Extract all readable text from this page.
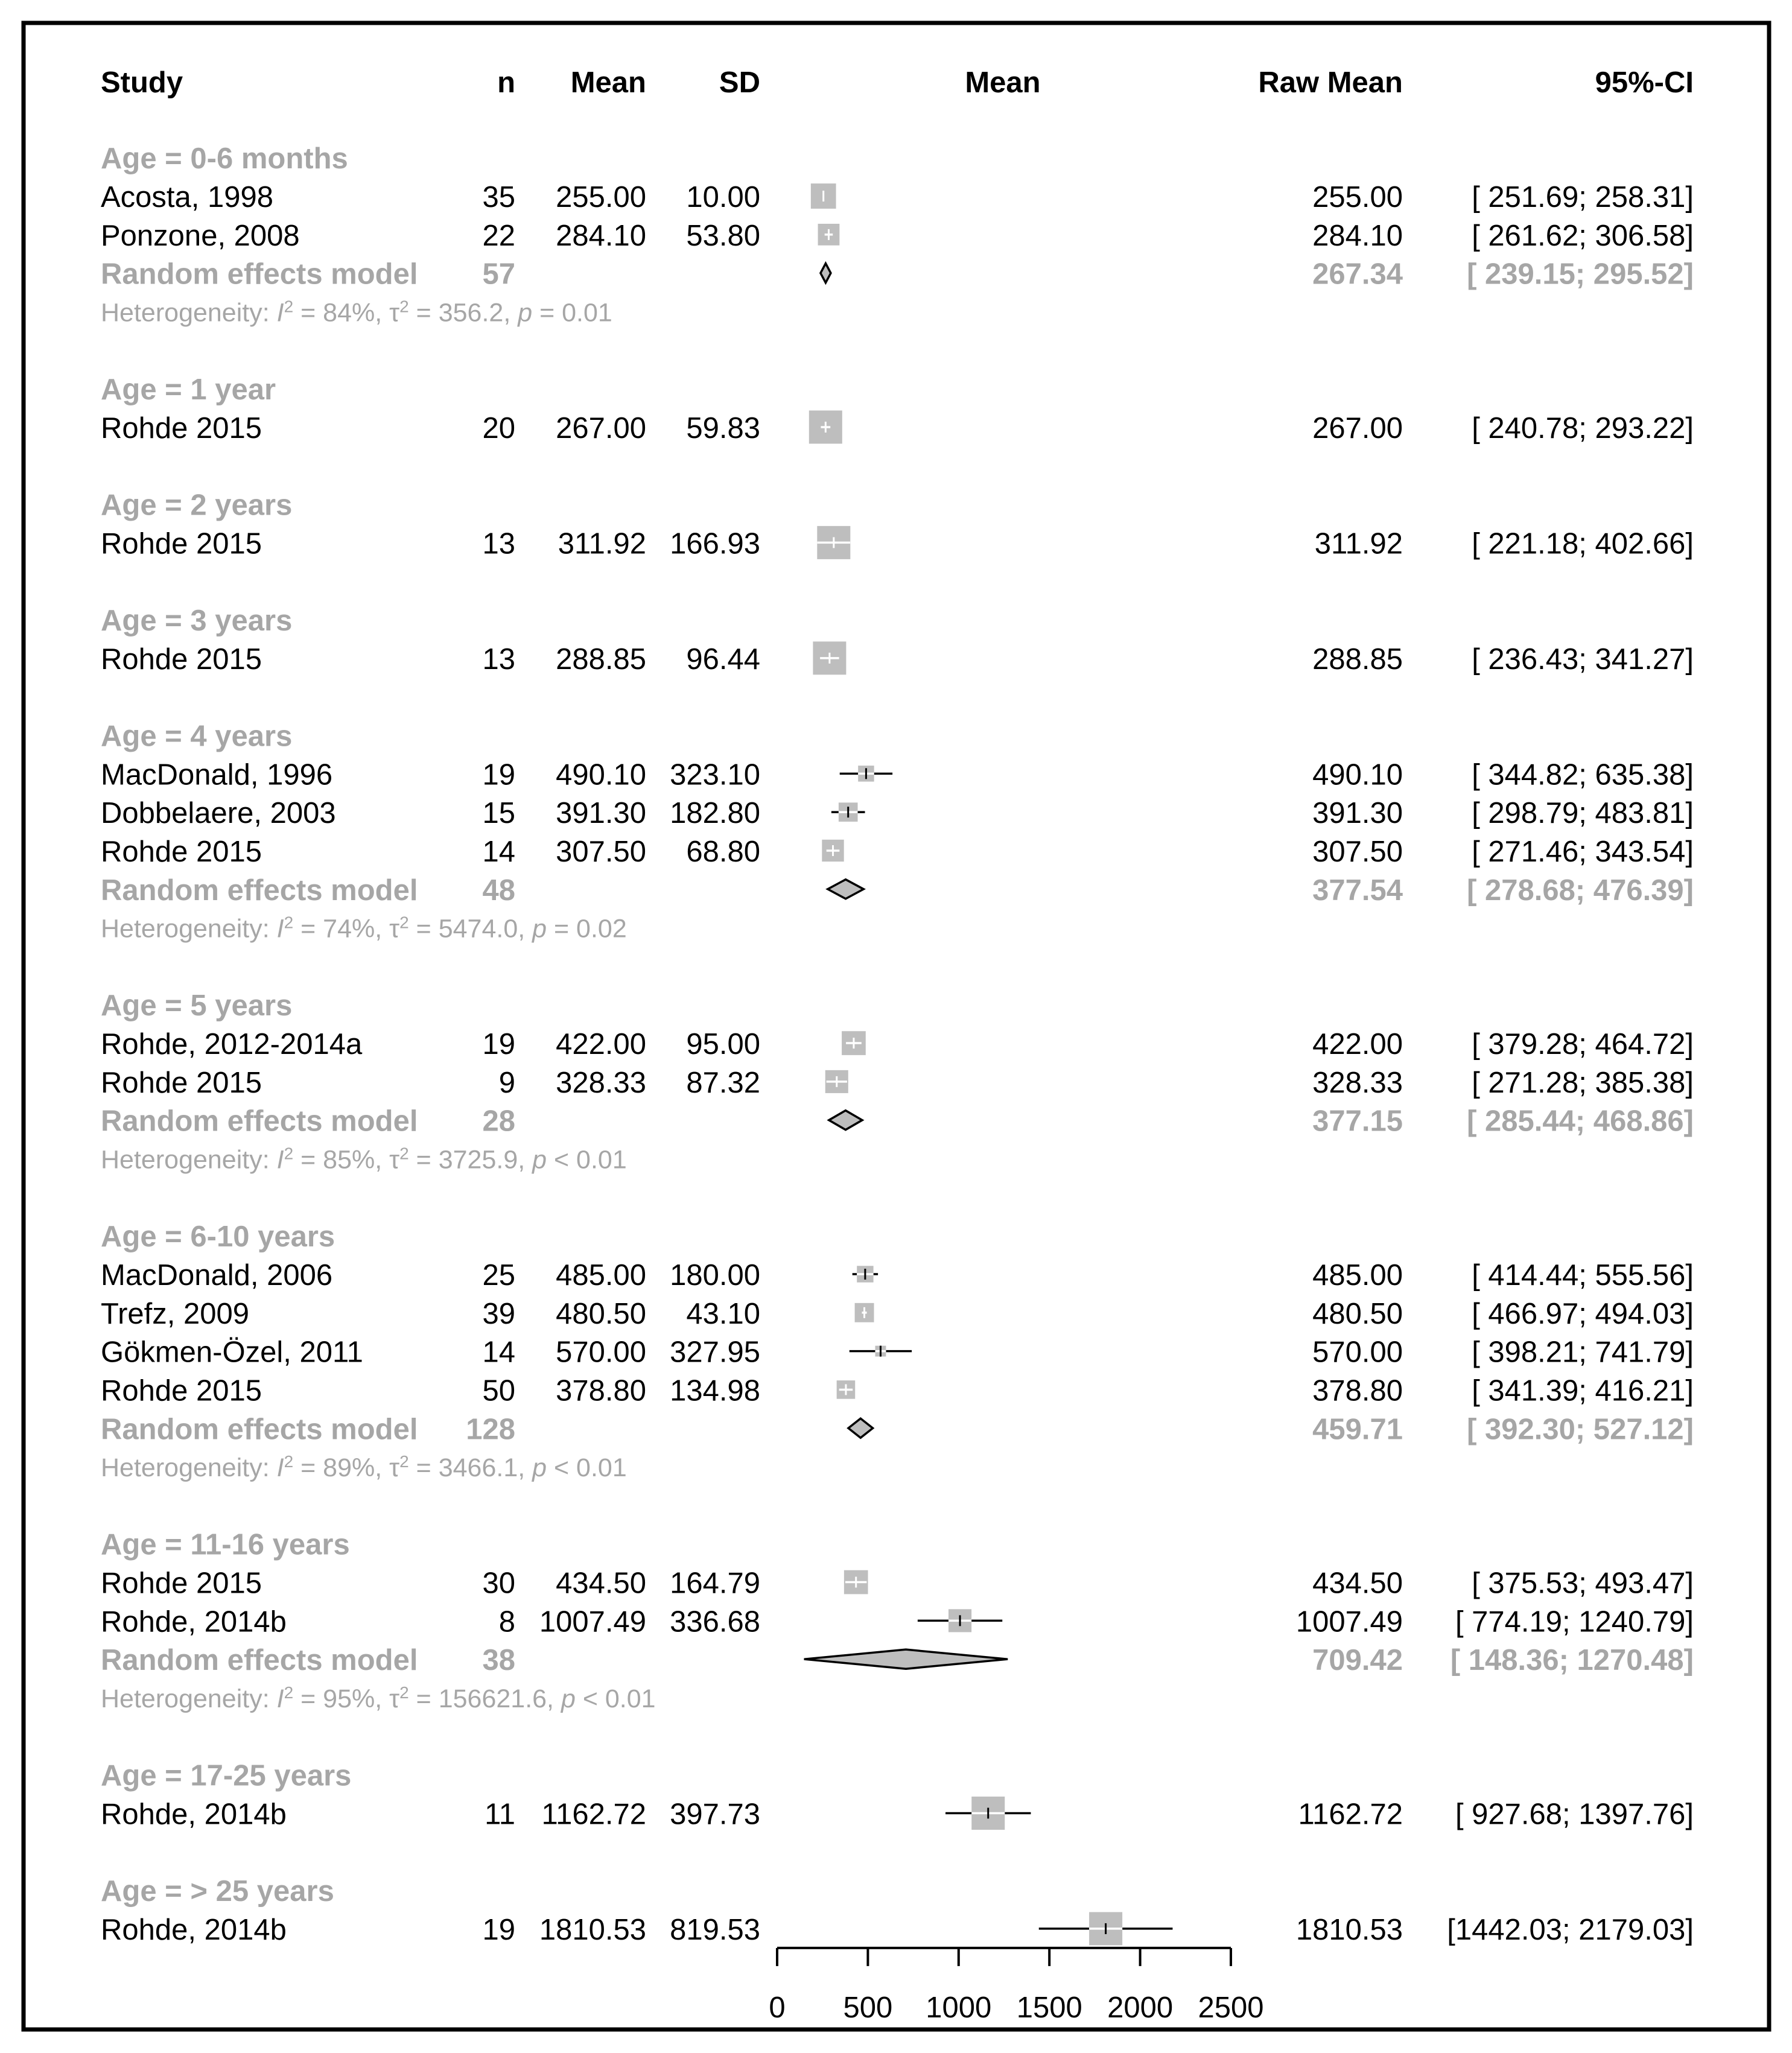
Study	n Mean SD	Mean	Raw Mean	95%-CI
Age = 0-6 months
Acosta, 1998	35 255.00 10.00	255.00 [ 251.69; 258.31]
Ponzone, 2008	22 284.10 53.80	284.10 [ 261.62; 306.58]
Random effects model 57	267.34 [ 239.15; 295.52]
Heterogeneity: $I^2 = 84\%$, $\tau^2 = 356.2$, p = 0.01
Age = 1 year
Rohde 2015	20 267.00 59.83	267.00 [ 240.78; 293.22]
Age = 2 years
Rohde 2015	13 311.92 166.93	311.92 [ 221.18; 402.66]
Age = 3 years
Rohde 2015	13 288.85 96.44	288.85 [ 236.43; 341.27]
Age = 4 years
MacDonald, 1996	19 490.10 323.10	490.10 [ 344.82; 635.38]
Dobbelaere, 2003	15 391.30 182.80	391.30 [ 298.79; 483.81]
Rohde 2015	14 307.50 68.80	307.50 [ 271.46; 343.54]
Random effects model 48	377.54 [ 278.68; 476.39]
Heterogeneity: $I^2 = 74\%$, $\tau^2 = 5474.0$, p = 0.02
Age = 5 years
Rohde, 2012-2014a	19 422.00 95.00	422.00 [ 379.28; 464.72]
Rohde 2015	9 328.33 87.32	328.33 [ 271.28; 385.38]
Random effects model 28	377.15 [ 285.44; 468.86]
Heterogeneity: $I^2 = 85\%$, $\tau^2 = 3725.9$, p < 0.01
Age = 6-10 years
MacDonald, 2006	25 485.00 180.00	485.00 [ 414.44; 555.56]
Trefz, 2009	39 480.50 43.10	480.50 [ 466.97; 494.03]
Gökmen-Özel, 2011	14 570.00 327.95	570.00 [ 398.21; 741.79]
Rohde 2015	50 378.80 134.98	378.80 [ 341.39; 416.21]
Random effects model 128	459.71 [ 392.30; 527.12]
Heterogeneity: $I^2 = 89\%$, $\tau^2 = 3466.1$, p < 0.01
Age = 11-16 years
Rohde 2015	30 434.50 164.79	434.50 [ 375.53; 493.47]
Rohde, 2014b	8 1007.49 336.68	1007.49 [ 774.19; 1240.79]
Random effects model 38	709.42 [ 148.36; 1270.48]
Heterogeneity: $I^2 = 95\%$, $\tau^2 = 156621.6$, p < 0.01
Age = 17-25 years
Rohde, 2014b	11 1162.72 397.73	1162.72 [ 927.68; 1397.76]
Age = > 25 years
Rohde, 2014b	19 1810.53 819.53	1810.53 [1442.03; 2179.03]
0 500 1000 1500 2000 2500
